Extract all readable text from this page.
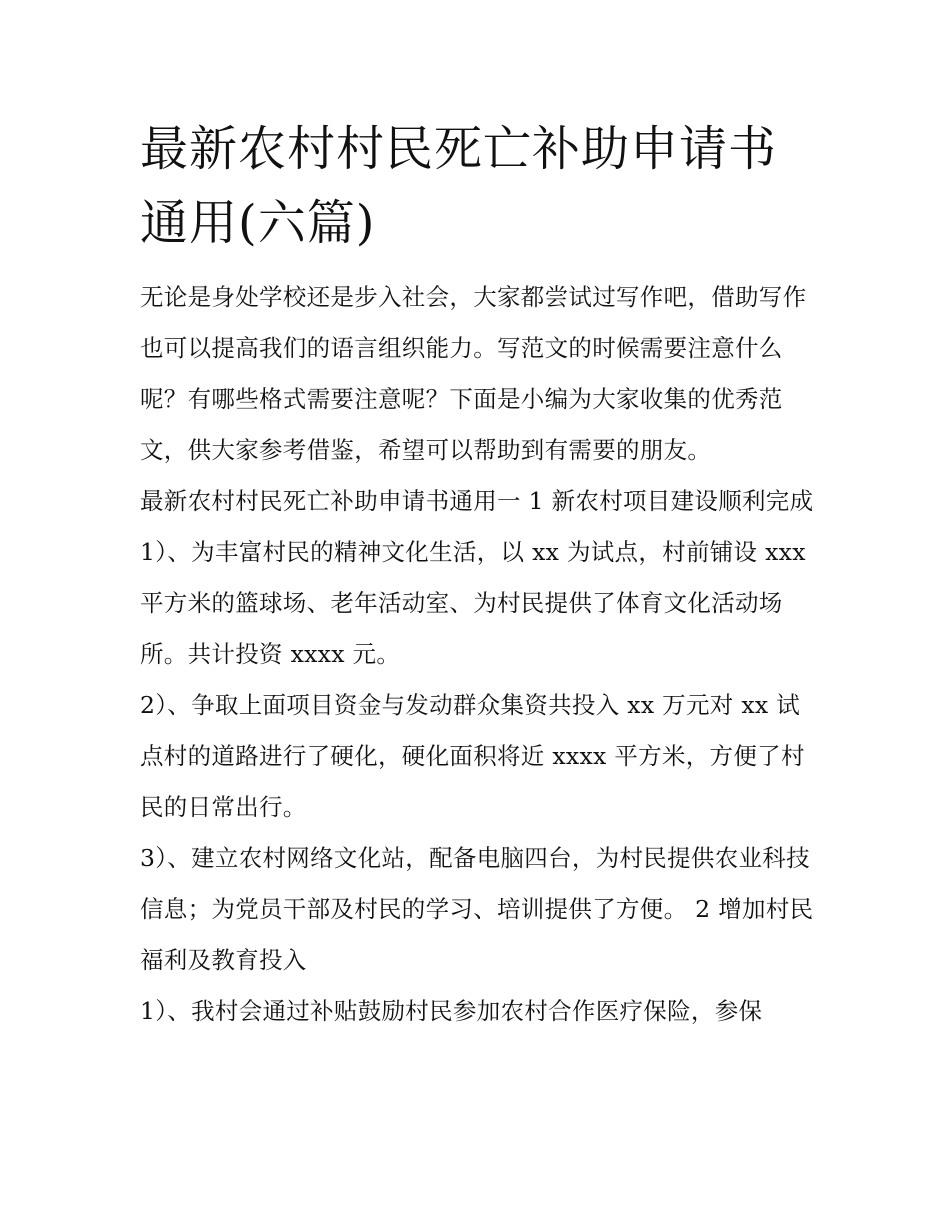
最新农村村民死亡补助申请书通用(六篇)

无论是身处学校还是步入社会，大家都尝试过写作吧，借助写作也可以提高我们的语言组织能力。写范文的时候需要注意什么呢？有哪些格式需要注意呢？下面是小编为大家收集的优秀范文，供大家参考借鉴，希望可以帮助到有需要的朋友。

最新农村村民死亡补助申请书通用一 1 新农村项目建设顺利完成

1）、为丰富村民的精神文化生活，以 xx 为试点，村前铺设 xxx 平方米的篮球场、老年活动室、为村民提供了体育文化活动场所。共计投资 xxxx 元。

2）、争取上面项目资金与发动群众集资共投入 xx 万元对 xx 试点村的道路进行了硬化，硬化面积将近 xxxx 平方米，方便了村民的日常出行。

3）、建立农村网络文化站，配备电脑四台，为村民提供农业科技信息；为党员干部及村民的学习、培训提供了方便。 2 增加村民福利及教育投入

1）、我村会通过补贴鼓励村民参加农村合作医疗保险，参保
